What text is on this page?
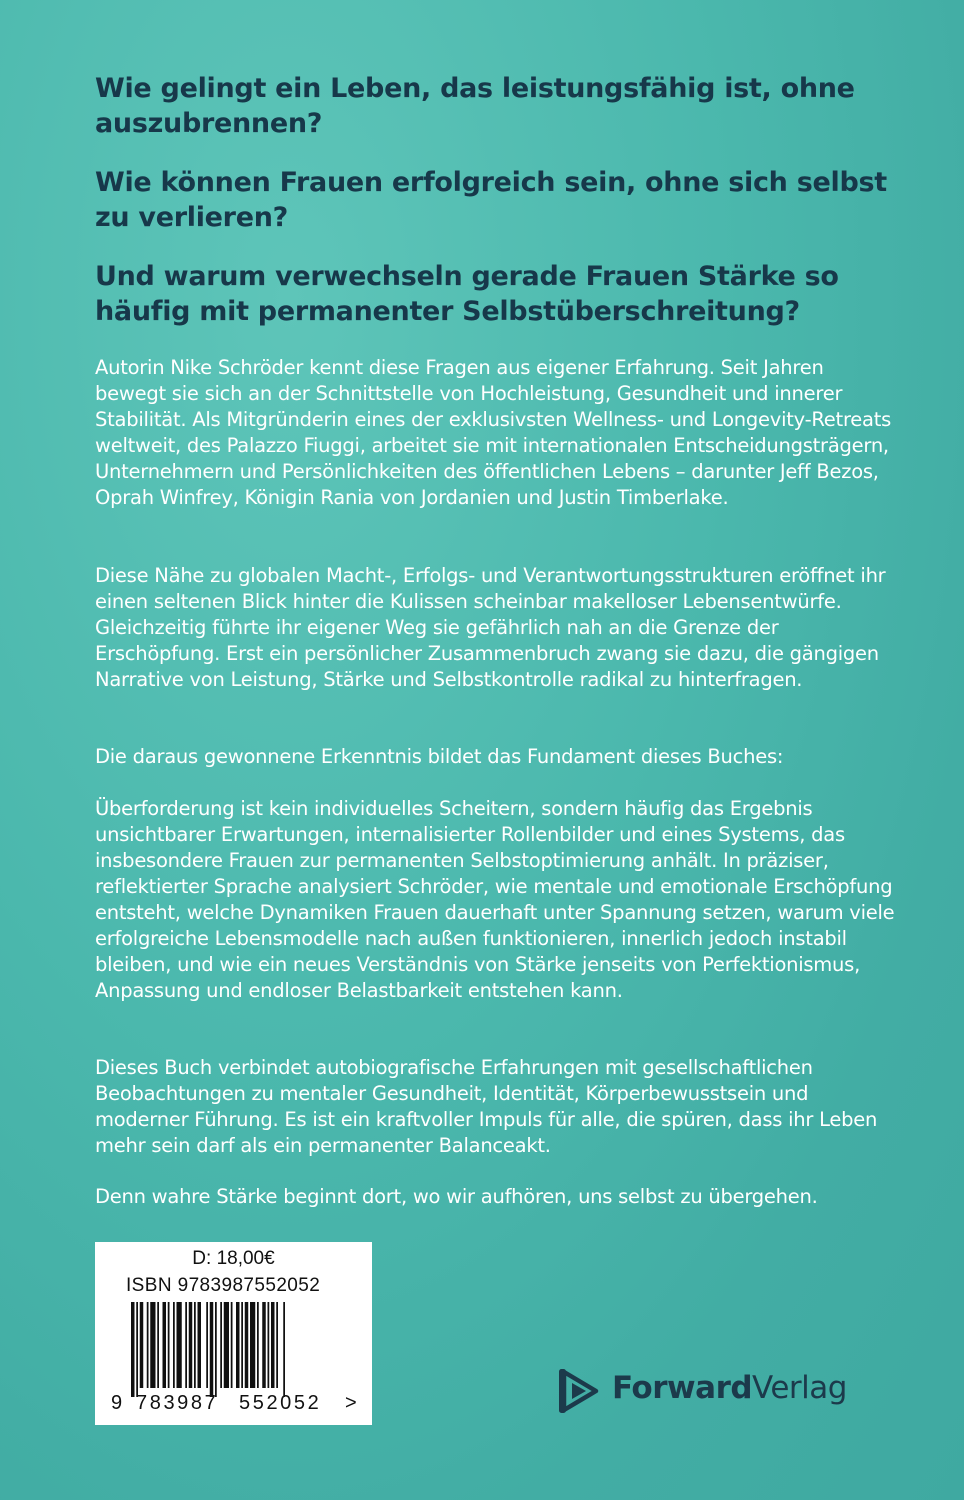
Wie gelingt ein Leben, das leistungsfähig ist, ohne auszubrennen?
Wie können Frauen erfolgreich sein, ohne sich selbst zu verlieren?
Und warum verwechseln gerade Frauen Stärke so häufig mit permanenter Selbstüberschreitung?

Autorin Nike Schröder kennt diese Fragen aus eigener Erfahrung. Seit Jahren bewegt sie sich an der Schnittstelle von Hochleistung, Gesundheit und innerer Stabilität. Als Mitgründerin eines der exklusivsten Wellness- und Longevity-Retreats weltweit, des Palazzo Fiuggi, arbeitet sie mit internationalen Entscheidungsträgern, Unternehmern und Persönlichkeiten des öffentlichen Lebens – darunter Jeff Bezos, Oprah Winfrey, Königin Rania von Jordanien und Justin Timberlake.

Diese Nähe zu globalen Macht-, Erfolgs- und Verantwortungsstrukturen eröffnet ihr einen seltenen Blick hinter die Kulissen scheinbar makelloser Lebensentwürfe. Gleichzeitig führte ihr eigener Weg sie gefährlich nah an die Grenze der Erschöpfung. Erst ein persönlicher Zusammenbruch zwang sie dazu, die gängigen Narrative von Leistung, Stärke und Selbstkontrolle radikal zu hinterfragen.

Die daraus gewonnene Erkenntnis bildet das Fundament dieses Buches:

Überforderung ist kein individuelles Scheitern, sondern häufig das Ergebnis unsichtbarer Erwartungen, internalisierter Rollenbilder und eines Systems, das insbesondere Frauen zur permanenten Selbstoptimierung anhält. In präziser, reflektierter Sprache analysiert Schröder, wie mentale und emotionale Erschöpfung entsteht, welche Dynamiken Frauen dauerhaft unter Spannung setzen, warum viele erfolgreiche Lebensmodelle nach außen funktionieren, innerlich jedoch instabil bleiben, und wie ein neues Verständnis von Stärke jenseits von Perfektionismus, Anpassung und endloser Belastbarkeit entstehen kann.

Dieses Buch verbindet autobiografische Erfahrungen mit gesellschaftlichen Beobachtungen zu mentaler Gesundheit, Identität, Körperbewusstsein und moderner Führung. Es ist ein kraftvoller Impuls für alle, die spüren, dass ihr Leben mehr sein darf als ein permanenter Balanceakt.

Denn wahre Stärke beginnt dort, wo wir aufhören, uns selbst zu übergehen.

D: 18,00€
ISBN 9783987552052
9 783987 552052 >	ForwardVerlag
